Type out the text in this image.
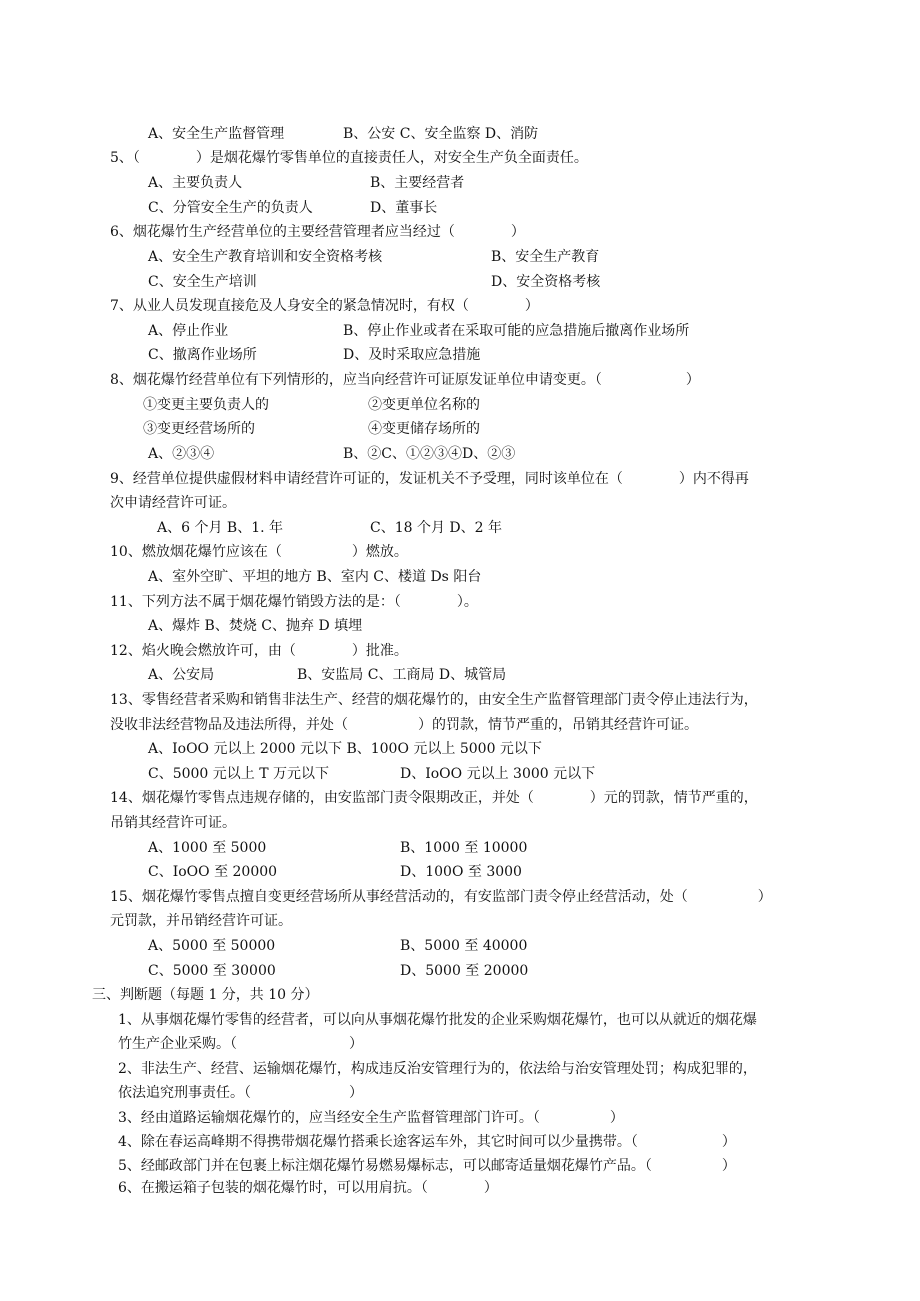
A、安全生产监督管理	B、公安 C、安全监察 D、消防

5、（　　　　）是烟花爆竹零售单位的直接责任人，对安全生产负全面责任。

A、主要负责人	B、主要经营者

C、分管安全生产的负责人	D、董事长

6、烟花爆竹生产经营单位的主要经营管理者应当经过（　　　　）

A、安全生产教育培训和安全资格考核	B、安全生产教育

C、安全生产培训	D、安全资格考核

7、从业人员发现直接危及人身安全的紧急情况时，有权（　　　　）

A、停止作业	B、停止作业或者在采取可能的应急措施后撤离作业场所

C、撤离作业场所	D、及时采取应急措施

8、烟花爆竹经营单位有下列情形的，应当向经营许可证原发证单位申请变更。（　　　　　　）

①变更主要负责人的	②变更单位名称的

③变更经营场所的	④变更储存场所的

A、②③④	B、②C、①②③④D、②③

9、经营单位提供虚假材料申请经营许可证的，发证机关不予受理，同时该单位在（　　　　）内不得再

次申请经营许可证。

A、6 个月 B、1. 年	C、18 个月 D、2 年

10、燃放烟花爆竹应该在（　　　　　）燃放。

A、室外空旷、平坦的地方 B、室内 C、楼道 Ds 阳台

11、下列方法不属于烟花爆竹销毁方法的是：（　　　　）。

A、爆炸 B、焚烧 C、抛弃 D 填埋

12、焰火晚会燃放许可，由（　　　　）批准。

A、公安局	B、安监局 C、工商局 D、城管局

13、零售经营者采购和销售非法生产、经营的烟花爆竹的，由安全生产监督管理部门责令停止违法行为，

没收非法经营物品及违法所得，并处（　　　　　）的罚款，情节严重的，吊销其经营许可证。

A、IoOO 元以上 2000 元以下 B、100O 元以上 5000 元以下

C、5000 元以上 T 万元以下	D、IoOO 元以上 3000 元以下

14、烟花爆竹零售点违规存储的，由安监部门责令限期改正，并处（　　　　）元的罚款，情节严重的，

吊销其经营许可证。

A、1000 至 5000	B、1000 至 10000

C、IoOO 至 20000	D、100O 至 3000

15、烟花爆竹零售点擅自变更经营场所从事经营活动的，有安监部门责令停止经营活动，处（　　　　　）

元罚款，并吊销经营许可证。

A、5000 至 50000	B、5000 至 40000

C、5000 至 30000	D、5000 至 20000

三、判断题（每题 1 分，共 10 分）

1、从事烟花爆竹零售的经营者，可以向从事烟花爆竹批发的企业采购烟花爆竹，也可以从就近的烟花爆

竹生产企业采购。（　　　　　　　　）

2、非法生产、经营、运输烟花爆竹，构成违反治安管理行为的，依法给与治安管理处罚；构成犯罪的，

依法追究刑事责任。（　　　　　　　）

3、经由道路运输烟花爆竹的，应当经安全生产监督管理部门许可。（　　　　　）

4、除在春运高峰期不得携带烟花爆竹搭乘长途客运车外，其它时间可以少量携带。（　　　　　　）

5、经邮政部门并在包裹上标注烟花爆竹易燃易爆标志，可以邮寄适量烟花爆竹产品。（　　　　　）

6、在搬运箱子包装的烟花爆竹时，可以用肩抗。（　　　　）
